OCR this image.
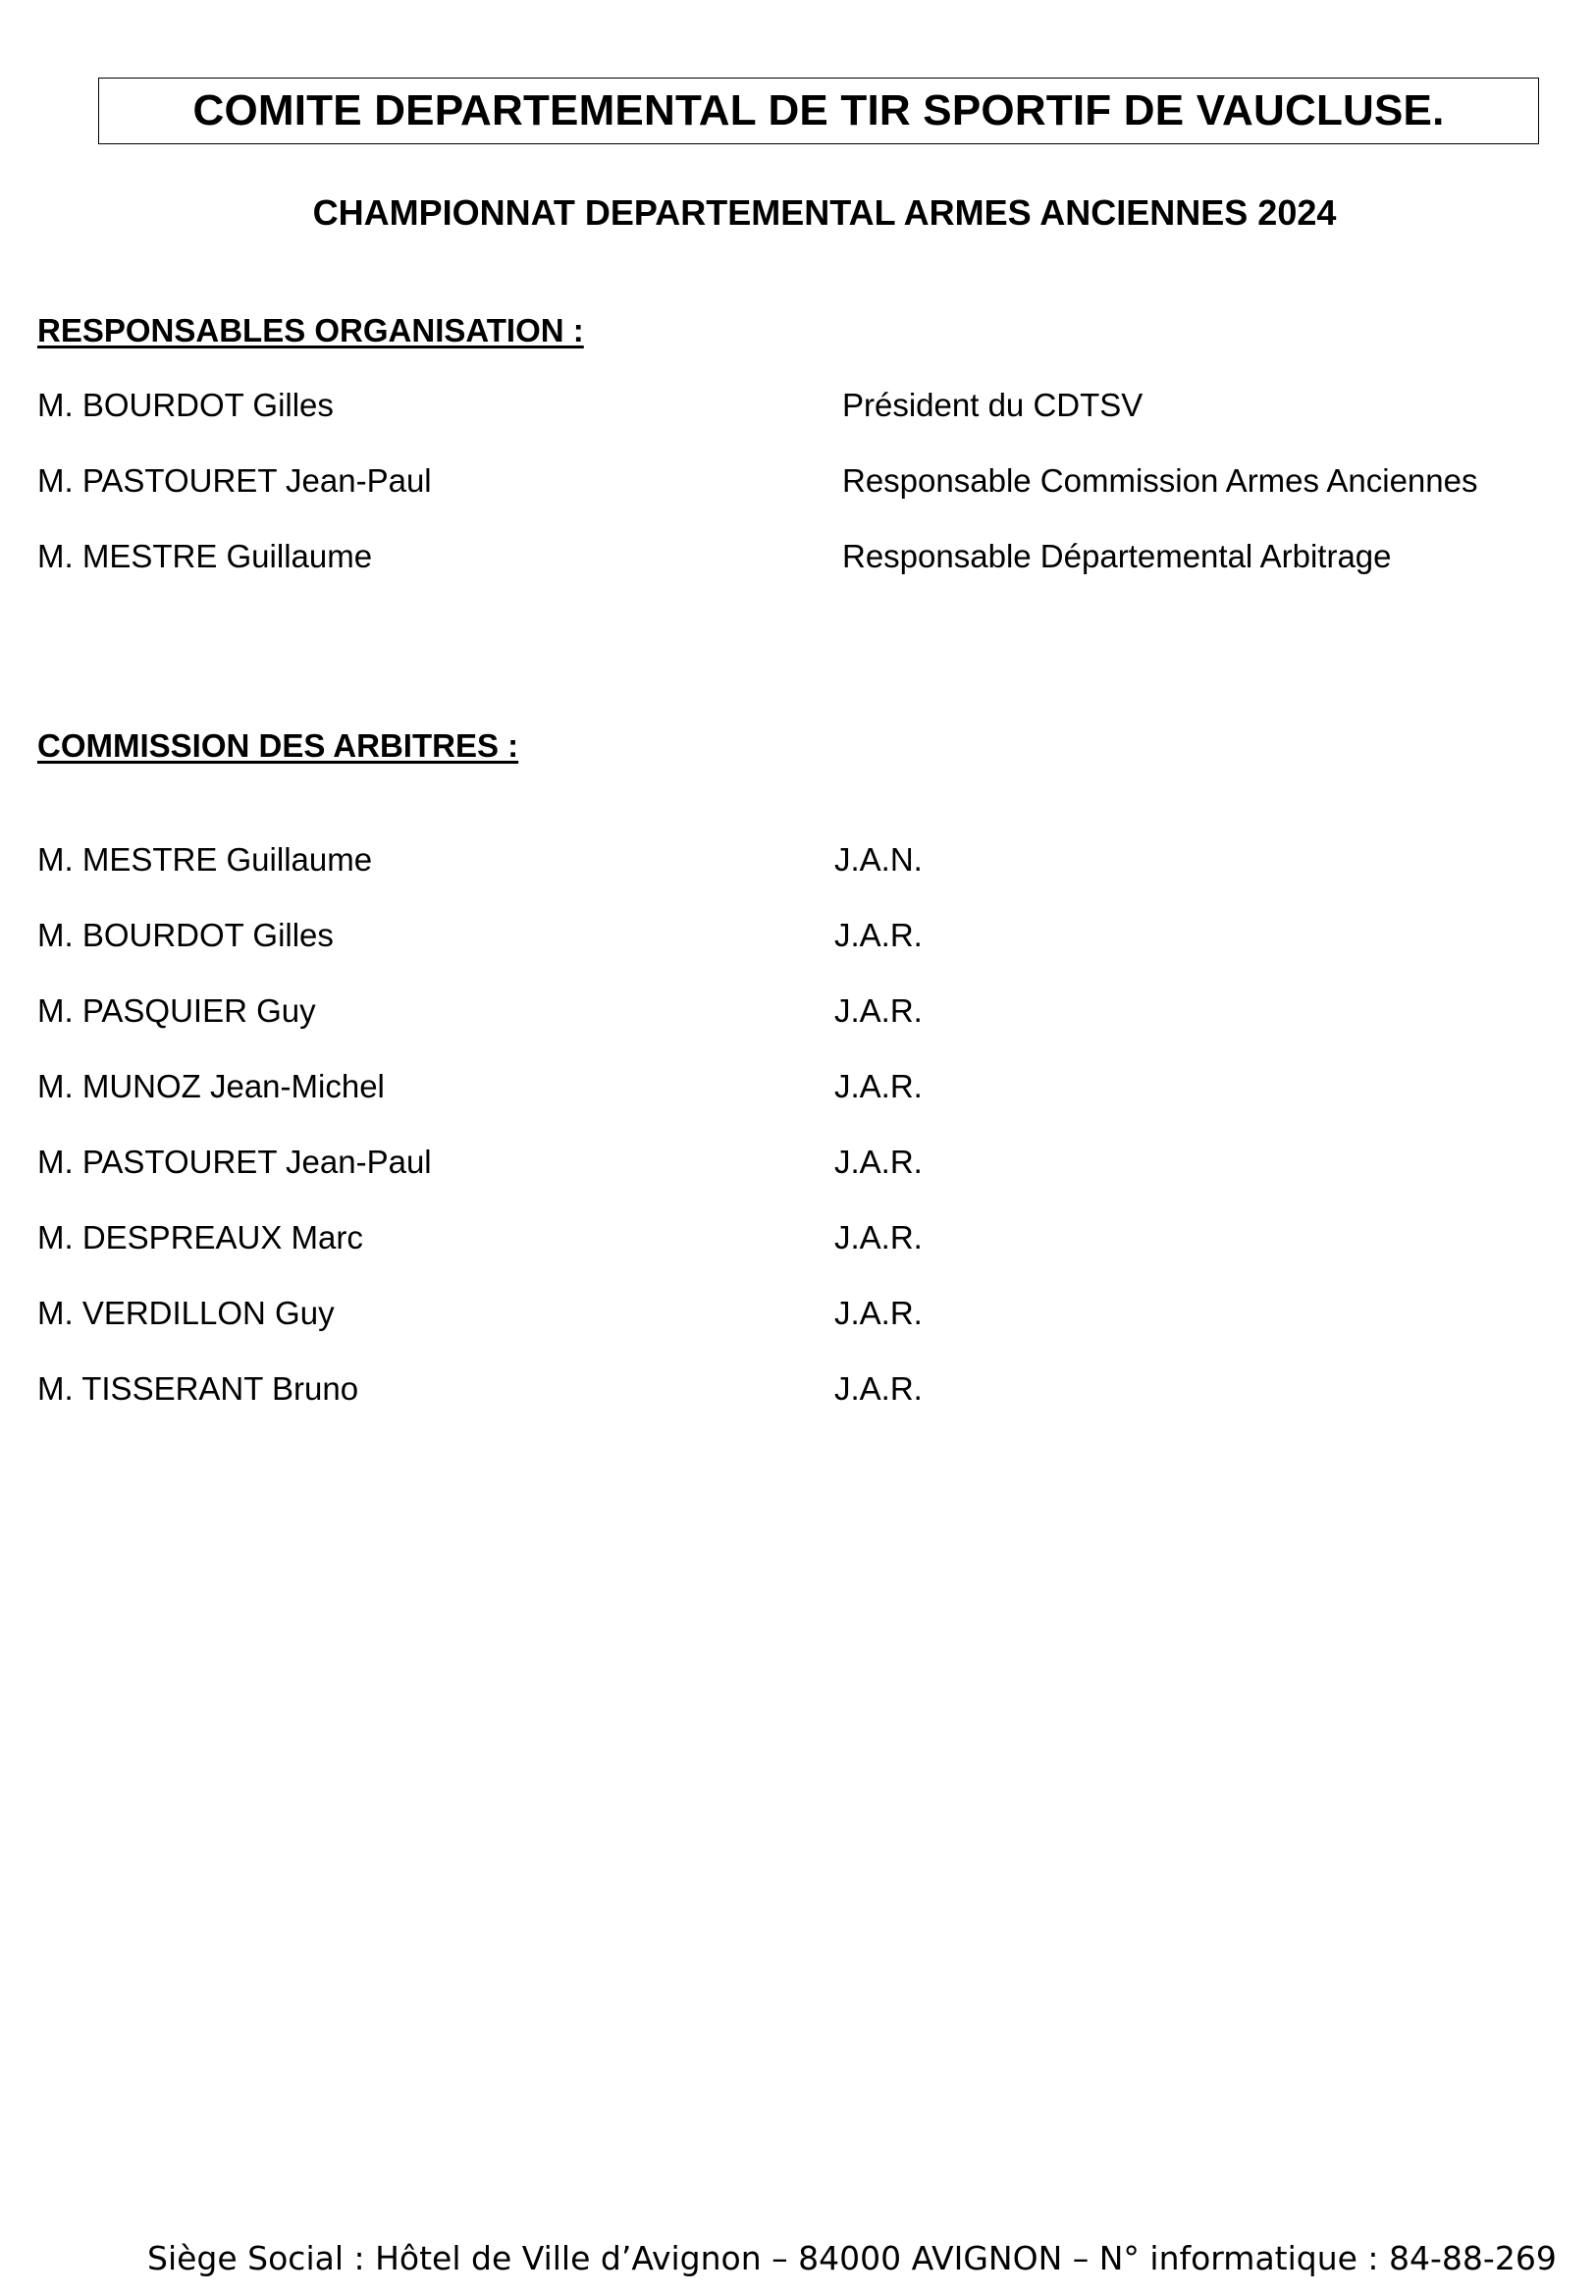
COMITE DEPARTEMENTAL DE TIR SPORTIF DE VAUCLUSE.
CHAMPIONNAT DEPARTEMENTAL ARMES ANCIENNES 2024
RESPONSABLES ORGANISATION :
M. BOURDOT Gilles	Président du CDTSV
M. PASTOURET Jean-Paul	Responsable Commission Armes Anciennes
M. MESTRE Guillaume	Responsable Départemental Arbitrage
COMMISSION DES ARBITRES :
M. MESTRE Guillaume	J.A.N.
M. BOURDOT Gilles	J.A.R.
M. PASQUIER Guy	J.A.R.
M. MUNOZ Jean-Michel	J.A.R.
M. PASTOURET Jean-Paul	J.A.R.
M. DESPREAUX Marc	J.A.R.
M. VERDILLON Guy	J.A.R.
M. TISSERANT Bruno	J.A.R.
Siège Social : Hôtel de Ville d’Avignon – 84000 AVIGNON – N° informatique : 84-88-269
